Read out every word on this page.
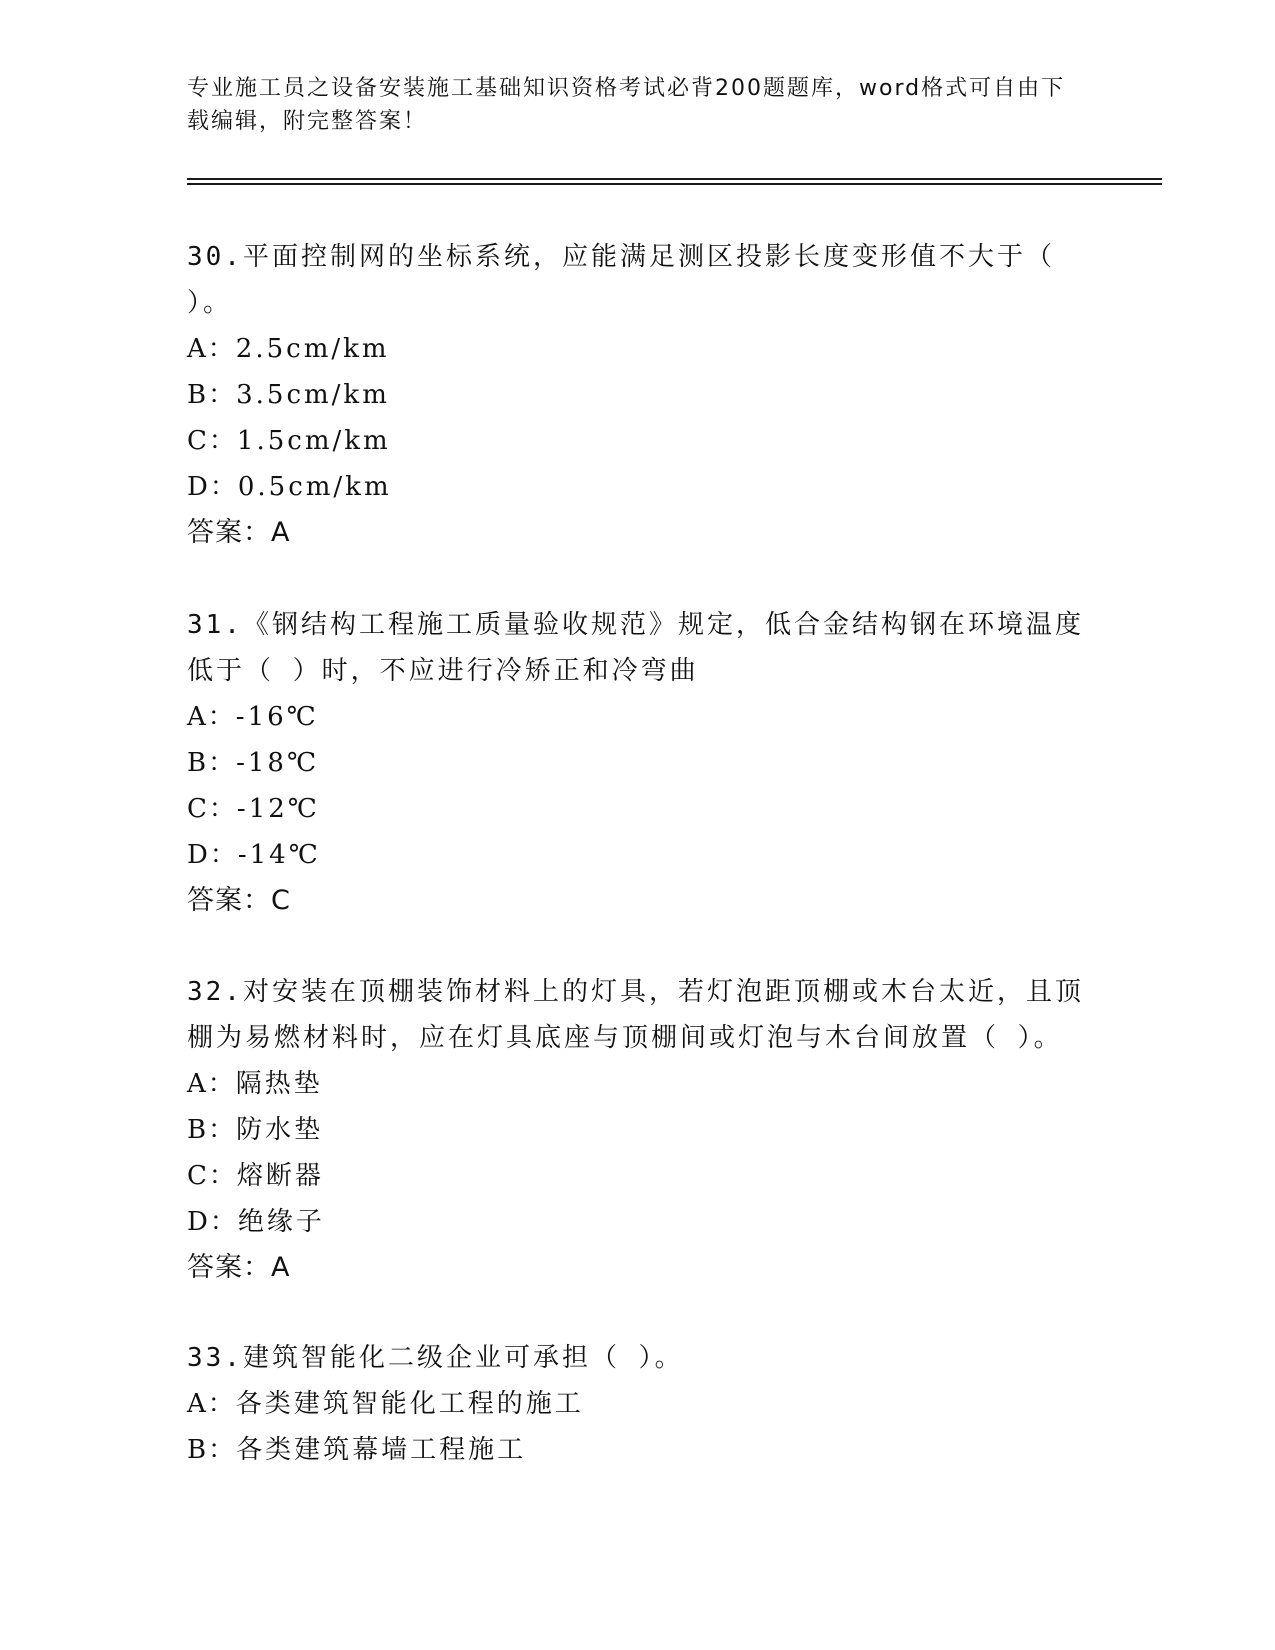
专业施工员之设备安装施工基础知识资格考试必背200题题库，word格式可自由下载编辑，附完整答案！

30.平面控制网的坐标系统，应能满足测区投影长度变形值不大于（ ）。

A：2.5cm/km

B：3.5cm/km

C：1.5cm/km

D：0.5cm/km

答案：A

31.《钢结构工程施工质量验收规范》规定，低合金结构钢在环境温度低于（ ）时，不应进行冷矫正和冷弯曲

A：-16℃

B：-18℃

C：-12℃

D：-14℃

答案：C

32.对安装在顶棚装饰材料上的灯具，若灯泡距顶棚或木台太近，且顶棚为易燃材料时，应在灯具底座与顶棚间或灯泡与木台间放置（ ）。

A：隔热垫

B：防水垫

C：熔断器

D：绝缘子

答案：A

33.建筑智能化二级企业可承担（ ）。

A：各类建筑智能化工程的施工

B：各类建筑幕墙工程施工
